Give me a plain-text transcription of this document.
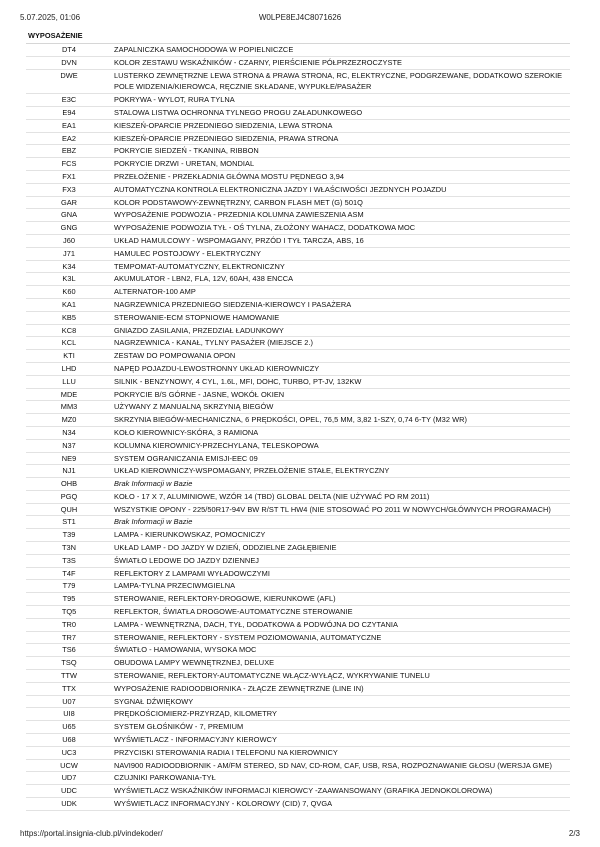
5.07.2025, 01:06	W0LPE8EJ4C8071626
WYPOSAŻENIE
DT4	ZAPALNICZKA SAMOCHODOWA W POPIELNICZCE
DVN	KOLOR ZESTAWU WSKAŹNIKÓW - CZARNY, PIERŚCIENIE PÓŁPRZEZROCZYSTE
DWE	LUSTERKO ZEWNĘTRZNE LEWA STRONA & PRAWA STRONA, RC, ELEKTRYCZNE, PODGRZEWANE, DODATKOWO SZEROKIE POLE WIDZENIA/KIEROWCA, RĘCZNIE SKŁADANE, WYPUKŁE/PASAŻER
E3C	POKRYWA - WYLOT, RURA TYLNA
E94	STALOWA LISTWA OCHRONNA TYLNEGO PROGU ZAŁADUNKOWEGO
EA1	KIESZEŃ-OPARCIE PRZEDNIEGO SIEDZENIA, LEWA STRONA
EA2	KIESZEŃ-OPARCIE PRZEDNIEGO SIEDZENIA, PRAWA STRONA
EBZ	POKRYCIE SIEDZEŃ - TKANINA, RIBBON
FCS	POKRYCIE DRZWI - URETAN, MONDIAL
FX1	PRZEŁOŻENIE - PRZEKŁADNIA GŁÓWNA MOSTU PĘDNEGO 3,94
FX3	AUTOMATYCZNA KONTROLA ELEKTRONICZNA JAZDY I WŁAŚCIWOŚCI JEZDNYCH POJAZDU
GAR	KOLOR PODSTAWOWY-ZEWNĘTRZNY, CARBON FLASH MET (G) 501Q
GNA	WYPOSAŻENIE PODWOZIA - PRZEDNIA KOLUMNA ZAWIESZENIA ASM
GNG	WYPOSAŻENIE PODWOZIA TYŁ - OŚ TYLNA, ZŁOŻONY WAHACZ, DODATKOWA MOC
J60	UKŁAD HAMULCOWY - WSPOMAGANY, PRZÓD I TYŁ TARCZA, ABS, 16
J71	HAMULEC POSTOJOWY - ELEKTRYCZNY
K34	TEMPOMAT-AUTOMATYCZNY, ELEKTRONICZNY
K3L	AKUMULATOR - LBN2, FLA, 12V, 60AH, 438 ENCCA
K60	ALTERNATOR-100 AMP
KA1	NAGRZEWNICA PRZEDNIEGO SIEDZENIA-KIEROWCY I PASAŻERA
KB5	STEROWANIE-ECM STOPNIOWE HAMOWANIE
KC8	GNIAZDO ZASILANIA, PRZEDZIAŁ ŁADUNKOWY
KCL	NAGRZEWNICA - KANAŁ, TYLNY PASAŻER (MIEJSCE 2.)
KTI	ZESTAW DO POMPOWANIA OPON
LHD	NAPĘD POJAZDU-LEWOSTRONNY UKŁAD KIEROWNICZY
LLU	SILNIK - BENZYNOWY, 4 CYL, 1.6L, MFI, DOHC, TURBO, PT-JV, 132KW
MDE	POKRYCIE B/S GÓRNE - JASNE, WOKÓŁ OKIEN
MM3	UŻYWANY Z MANUALNĄ SKRZYNIĄ BIEGÓW
MZ0	SKRZYNIA BIEGÓW-MECHANICZNA, 6 PRĘDKOŚCI, OPEL, 76,5 MM, 3,82 1-SZY, 0,74 6-TY (M32 WR)
N34	KOŁO KIEROWNICY-SKÓRA, 3 RAMIONA
N37	KOLUMNA KIEROWNICY-PRZECHYLANA, TELESKOPOWA
NE9	SYSTEM OGRANICZANIA EMISJI-EEC 09
NJ1	UKŁAD KIEROWNICZY-WSPOMAGANY, PRZEŁOŻENIE STAŁE, ELEKTRYCZNY
OHB	Brak Informacji w Bazie
PGQ	KOŁO - 17 X 7, ALUMINIOWE, WZÓR 14 (TBD) GLOBAL DELTA (NIE UŻYWAĆ PO RM 2011)
QUH	WSZYSTKIE OPONY - 225/50R17-94V BW R/ST TL HW4 (NIE STOSOWAĆ PO 2011 W NOWYCH/GŁÓWNYCH PROGRAMACH)
ST1	Brak Informacji w Bazie
T39	LAMPA - KIERUNKOWSKAZ, POMOCNICZY
T3N	UKŁAD LAMP - DO JAZDY W DZIEŃ, ODDZIELNE ZAGŁĘBIENIE
T3S	ŚWIATŁO LEDOWE DO JAZDY DZIENNEJ
T4F	REFLEKTORY Z LAMPAMI WYŁADOWCZYMI
T79	LAMPA-TYLNA PRZECIWMGIELNA
T95	STEROWANIE, REFLEKTORY-DROGOWE, KIERUNKOWE (AFL)
TQ5	REFLEKTOR, ŚWIATŁA DROGOWE-AUTOMATYCZNE STEROWANIE
TR0	LAMPA - WEWNĘTRZNA, DACH, TYŁ, DODATKOWA & PODWÓJNA DO CZYTANIA
TR7	STEROWANIE, REFLEKTORY - SYSTEM POZIOMOWANIA, AUTOMATYCZNE
TS6	ŚWIATŁO - HAMOWANIA, WYSOKA MOC
TSQ	OBUDOWA LAMPY WEWNĘTRZNEJ, DELUXE
TTW	STEROWANIE, REFLEKTORY-AUTOMATYCZNE WŁĄCZ-WYŁĄCZ, WYKRYWANIE TUNELU
TTX	WYPOSAŻENIE RADIOODBIORNIKA - ZŁĄCZE ZEWNĘTRZNE (LINE IN)
U07	SYGNAŁ DŹWIĘKOWY
UI8	PRĘDKOŚCIOMIERZ-PRZYRZĄD, KILOMETRY
U65	SYSTEM GŁOŚNIKÓW - 7, PREMIUM
U68	WYŚWIETLACZ - INFORMACYJNY KIEROWCY
UC3	PRZYCISKI STEROWANIA RADIA I TELEFONU NA KIEROWNICY
UCW	NAVI900 RADIOODBIORNIK - AM/FM STEREO, SD NAV, CD-ROM, CAF, USB, RSA, ROZPOZNAWANIE GŁOSU (WERSJA GME)
UD7	CZUJNIKI PARKOWANIA-TYŁ
UDC	WYŚWIETLACZ WSKAŹNIKÓW INFORMACJI KIEROWCY -ZAAWANSOWANY (GRAFIKA JEDNOKOLOROWA)
UDK	WYŚWIETLACZ INFORMACYJNY - KOLOROWY (CID) 7, QVGA
https://portal.insignia-club.pl/vindekoder/	2/3
